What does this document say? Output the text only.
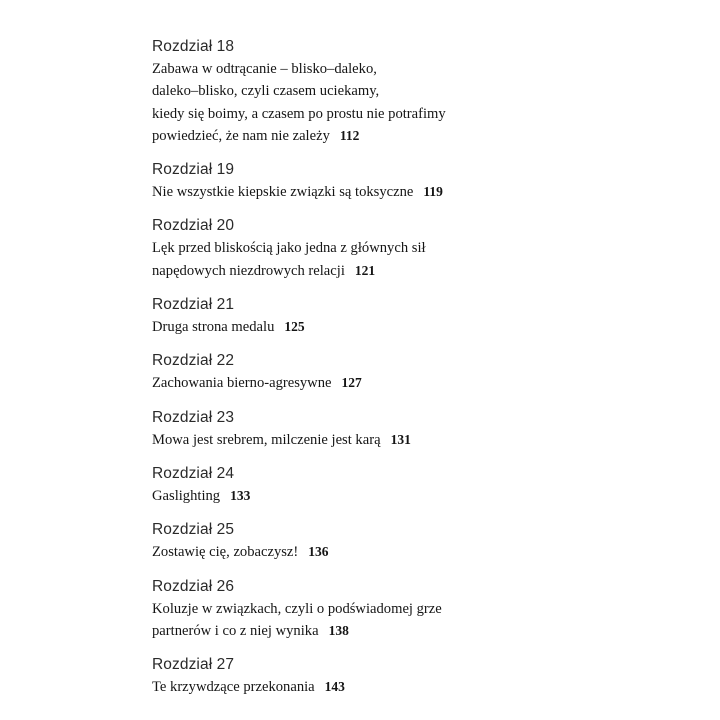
Rozdział 18
Zabawa w odtrącanie – blisko–daleko,
daleko–blisko, czyli czasem uciekamy,
kiedy się boimy, a czasem po prostu nie potrafimy
powiedzieć, że nam nie zależy 112
Rozdział 19
Nie wszystkie kiepskie związki są toksyczne 119
Rozdział 20
Lęk przed bliskością jako jedna z głównych sił
napędowych niezdrowych relacji 121
Rozdział 21
Druga strona medalu 125
Rozdział 22
Zachowania bierno-agresywne 127
Rozdział 23
Mowa jest srebrem, milczenie jest karą 131
Rozdział 24
Gaslighting 133
Rozdział 25
Zostawię cię, zobaczysz! 136
Rozdział 26
Koluzje w związkach, czyli o podświadomej grze
partnerów i co z niej wynika 138
Rozdział 27
Te krzywdzące przekonania 143
